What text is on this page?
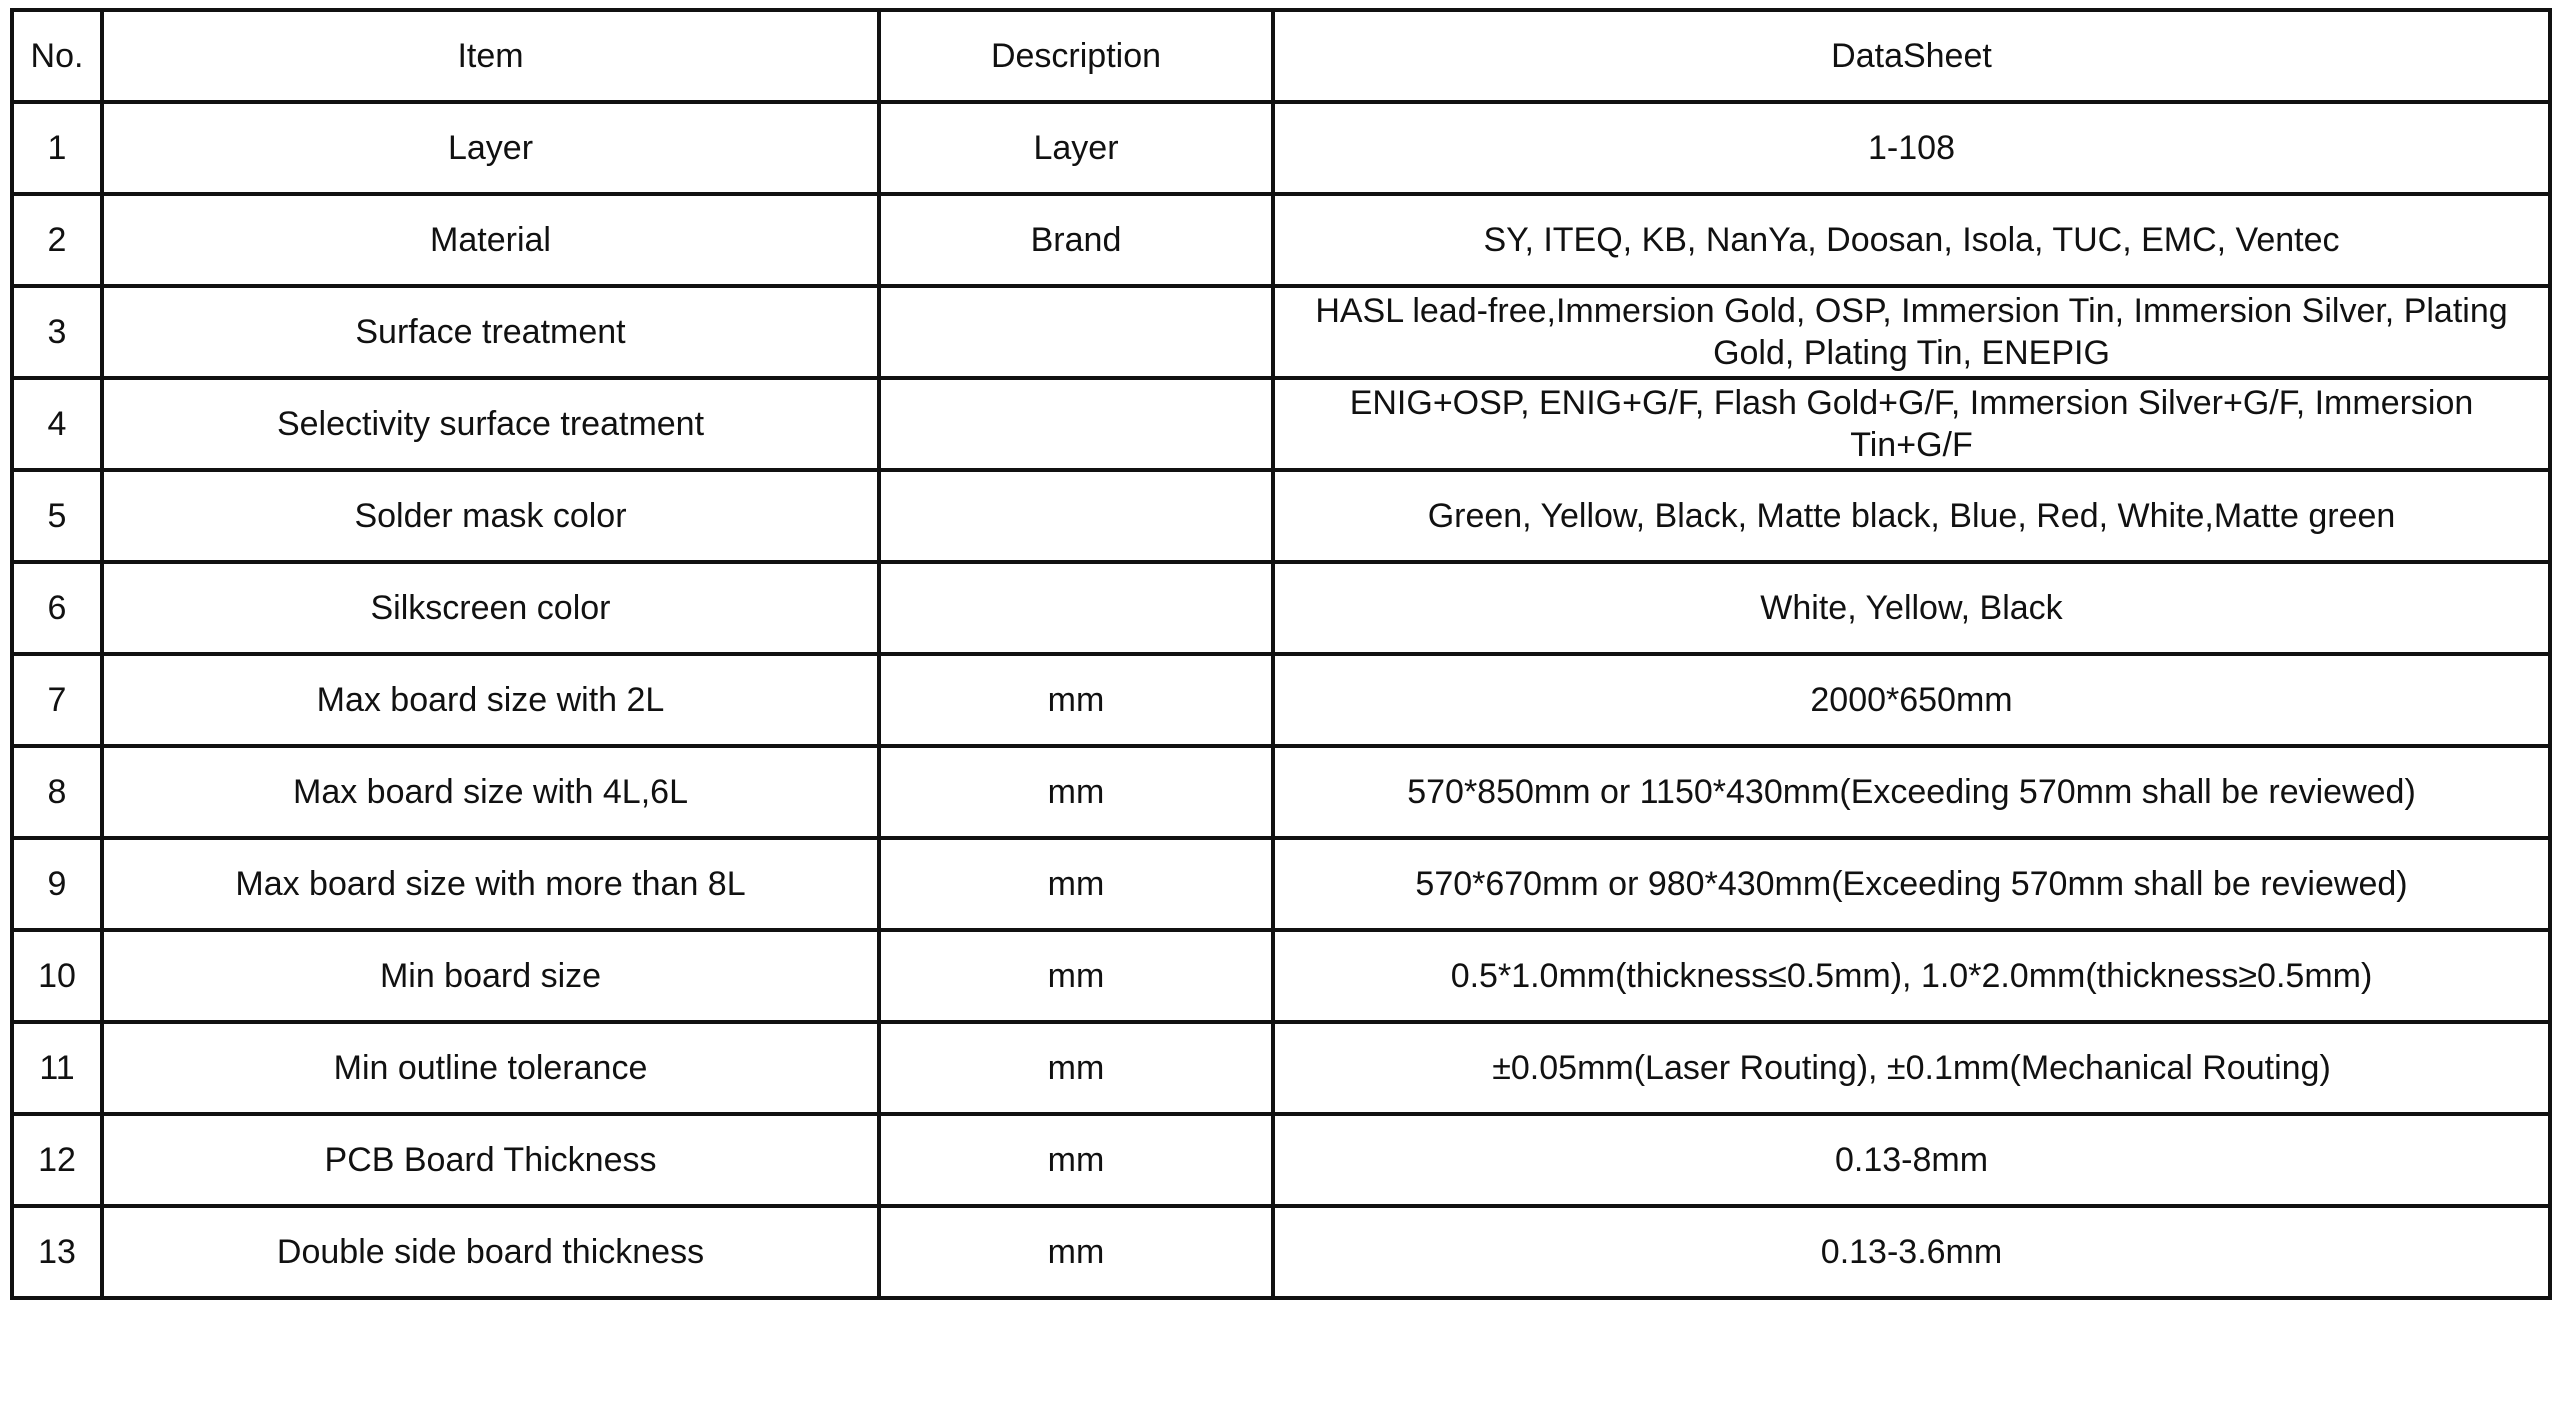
No.	Item	Description	DataSheet
1	Layer	Layer	1-108
2	Material	Brand	SY, ITEQ, KB, NanYa, Doosan, Isola, TUC, EMC, Ventec
3	Surface treatment		HASL lead-free,Immersion Gold, OSP, Immersion Tin, Immersion Silver, Plating Gold, Plating Tin, ENEPIG
4	Selectivity surface treatment		ENIG+OSP, ENIG+G/F, Flash Gold+G/F, Immersion Silver+G/F, Immersion Tin+G/F
5	Solder mask color		Green, Yellow, Black, Matte black, Blue, Red, White,Matte green
6	Silkscreen color		White, Yellow, Black
7	Max board size with 2L	mm	2000*650mm
8	Max board size with 4L,6L	mm	570*850mm or 1150*430mm(Exceeding 570mm shall be reviewed)
9	Max board size with more than 8L	mm	570*670mm or 980*430mm(Exceeding 570mm shall be reviewed)
10	Min board size	mm	0.5*1.0mm(thickness≤0.5mm), 1.0*2.0mm(thickness≥0.5mm)
11	Min outline tolerance	mm	±0.05mm(Laser Routing), ±0.1mm(Mechanical Routing)
12	PCB Board Thickness	mm	0.13-8mm
13	Double side board thickness	mm	0.13-3.6mm
